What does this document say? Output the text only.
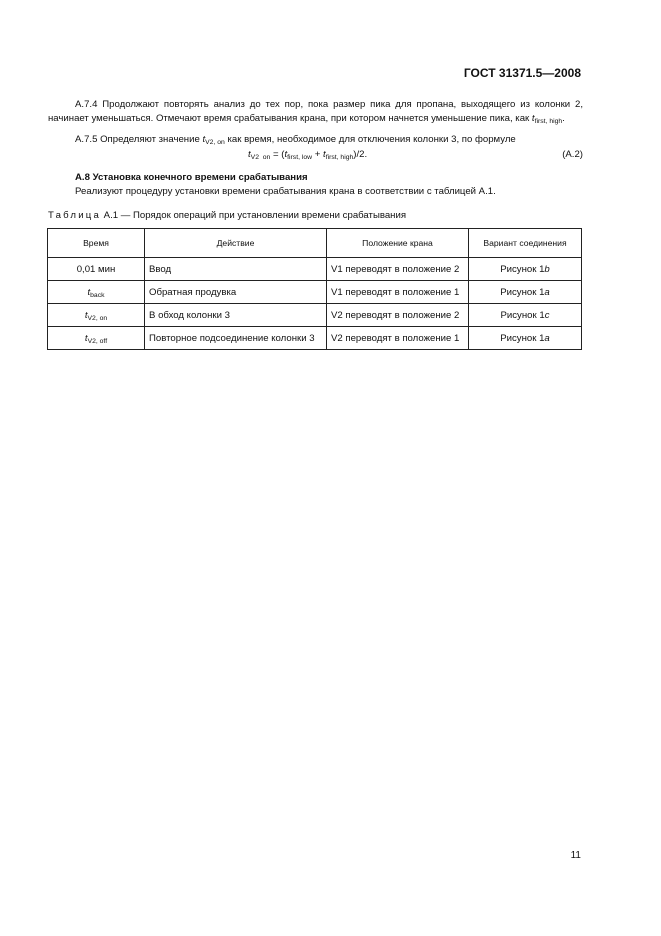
ГОСТ 31371.5—2008
А.7.4 Продолжают повторять анализ до тех пор, пока размер пика для пропана, выходящего из колонки 2, начинает уменьшаться. Отмечают время срабатывания крана, при котором начнется уменьшение пика, как $t_{first, high}$.
А.7.5 Определяют значение $t_{V2, on}$ как время, необходимое для отключения колонки 3, по формуле
$t_{V2 on} = (t_{first, low} + t_{first, high})/2$.	(А.2)
А.8 Установка конечного времени срабатывания
Реализуют процедуру установки времени срабатывания крана в соответствии с таблицей А.1.
Таблица А.1 — Порядок операций при установлении времени срабатывания
Время	Действие	Положение крана	Вариант соединения
0,01 мин	Ввод	V1 переводят в положение 2	Рисунок 1b
$t_{back}$	Обратная продувка	V1 переводят в положение 1	Рисунок 1a
$t_{V2, on}$	В обход колонки 3	V2 переводят в положение 2	Рисунок 1c
$t_{V2, off}$	Повторное подсоединение колонки 3	V2 переводят в положение 1	Рисунок 1a
11
